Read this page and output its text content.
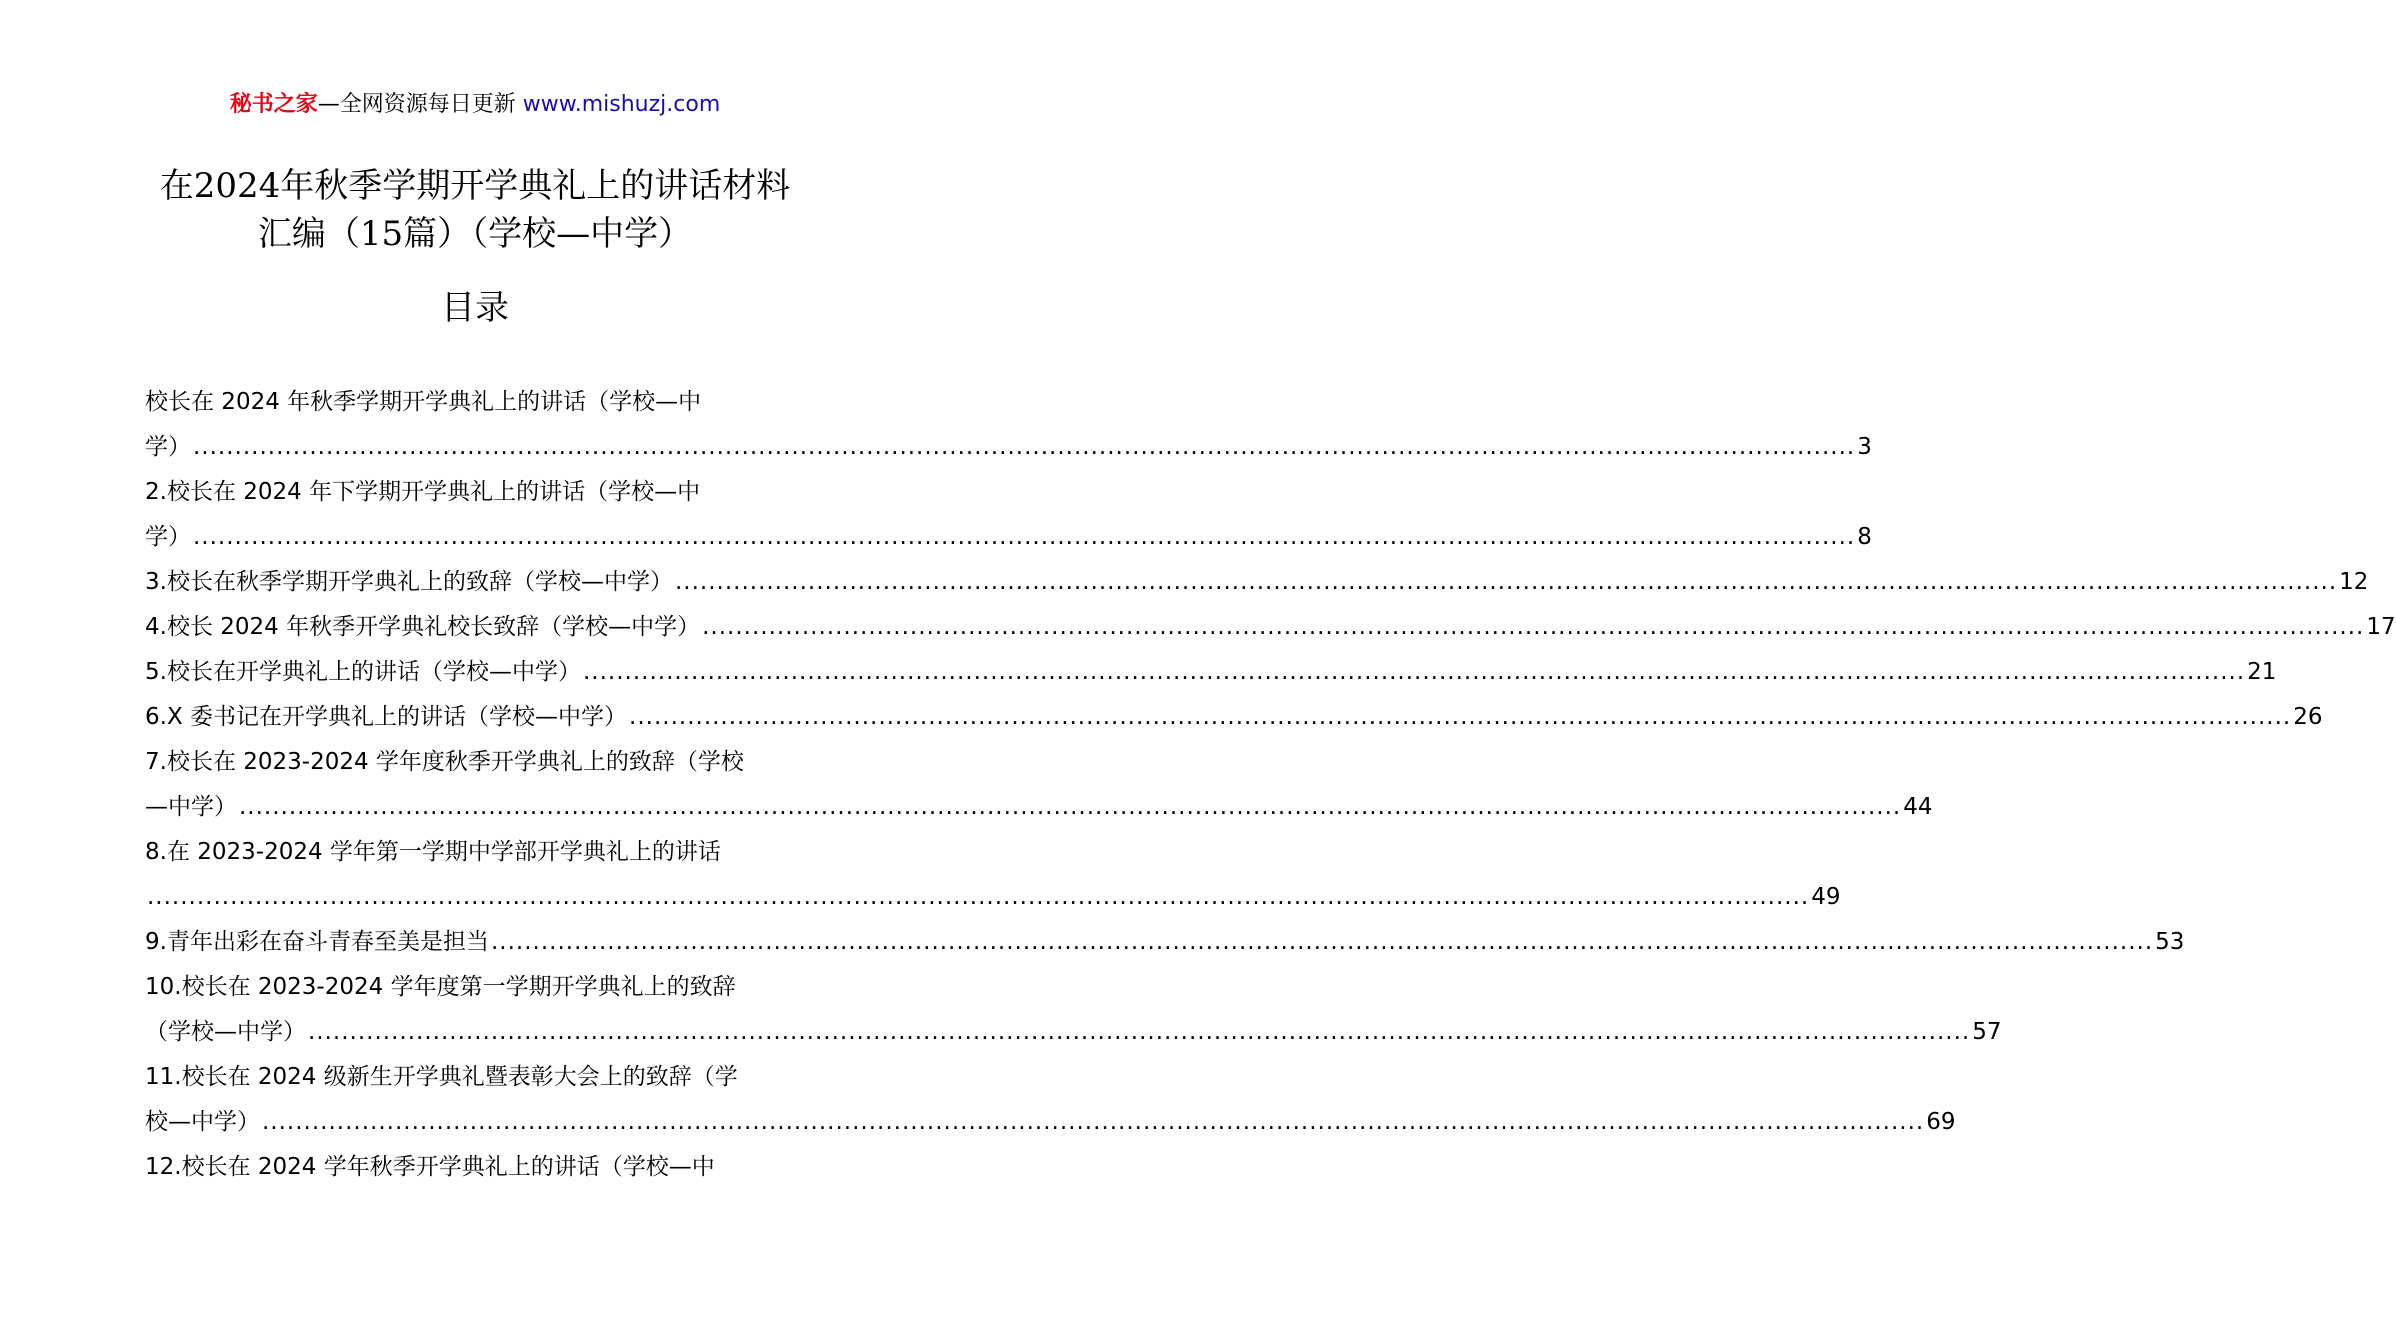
秘书之家—全网资源每日更新 www.mishuzj.com
在2024年秋季学期开学典礼上的讲话材料
汇编（15篇）（学校—中学）
目录
校长在 2024 年秋季学期开学典礼上的讲话（学校—中
学） ........................................................................................................................................................................................................ 3
2.校长在 2024 年下学期开学典礼上的讲话（学校—中
学） ........................................................................................................................................................................................................ 8
3.校长在秋季学期开学典礼上的致辞（学校—中学） ........................................................................................................................................................................................................ 12
4.校长 2024 年秋季开学典礼校长致辞（学校—中学） ........................................................................................................................................................................................................ 17
5.校长在开学典礼上的讲话（学校—中学） ........................................................................................................................................................................................................ 21
6.X 委书记在开学典礼上的讲话（学校—中学） ........................................................................................................................................................................................................ 26
7.校长在 2023-2024 学年度秋季开学典礼上的致辞（学校
—中学） ........................................................................................................................................................................................................ 44
8.在 2023-2024 学年第一学期中学部开学典礼上的讲话
........................................................................................................................................................................................................ 49
9.青年出彩在奋斗青春至美是担当 ........................................................................................................................................................................................................ 53
10.校长在 2023-2024 学年度第一学期开学典礼上的致辞
（学校—中学） ........................................................................................................................................................................................................ 57
11.校长在 2024 级新生开学典礼暨表彰大会上的致辞（学
校—中学） ........................................................................................................................................................................................................ 69
12.校长在 2024 学年秋季开学典礼上的讲话（学校—中
